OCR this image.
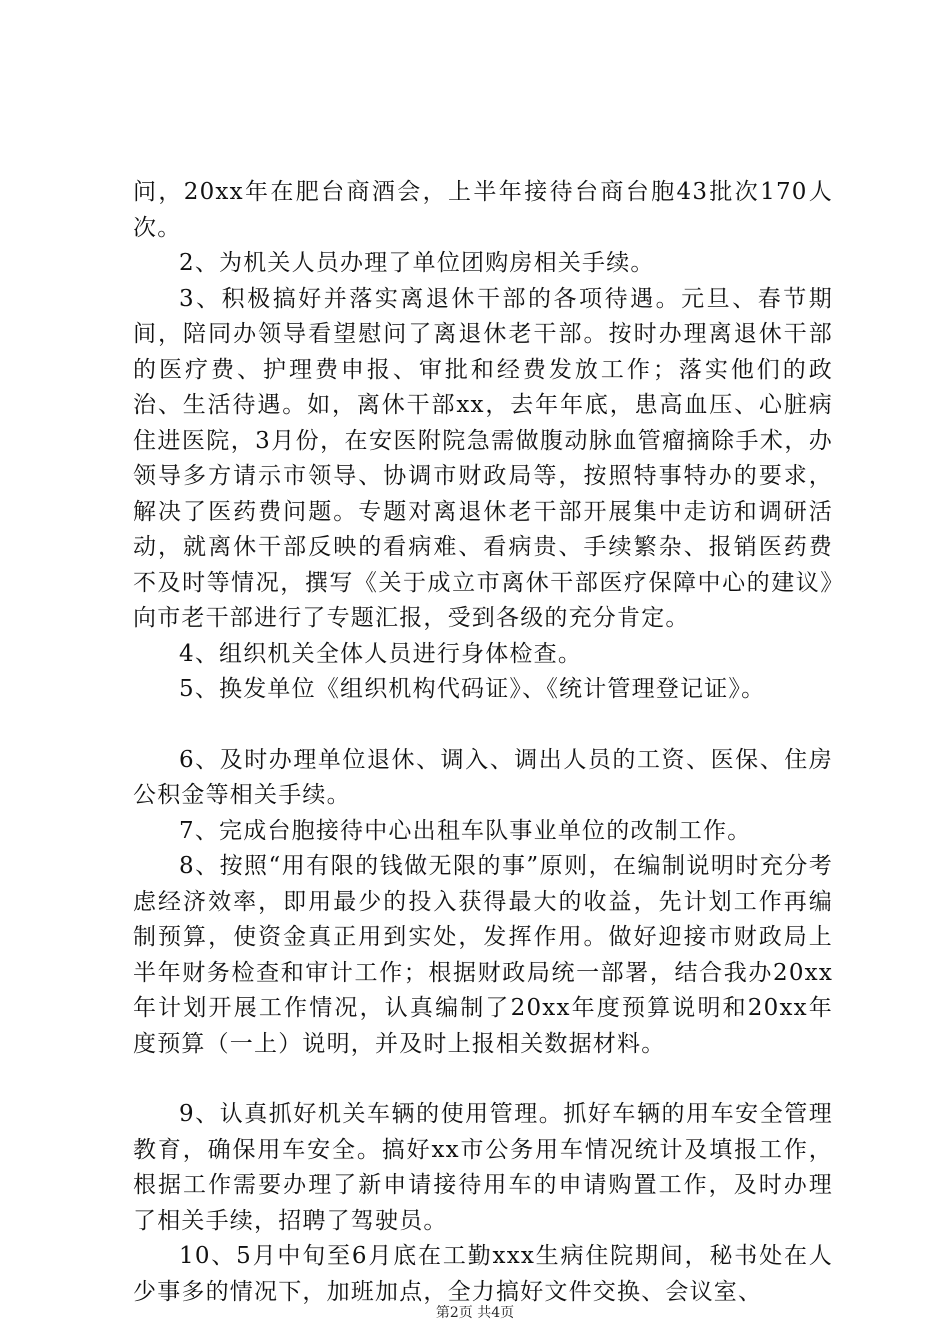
问，20xx年在肥台商酒会，上半年接待台商台胞43批次170人次。

2、为机关人员办理了单位团购房相关手续。

3、积极搞好并落实离退休干部的各项待遇。元旦、春节期间，陪同办领导看望慰问了离退休老干部。按时办理离退休干部的医疗费、护理费申报、审批和经费发放工作；落实他们的政治、生活待遇。如，离休干部xx，去年年底，患高血压、心脏病住进医院，3月份，在安医附院急需做腹动脉血管瘤摘除手术，办领导多方请示市领导、协调市财政局等，按照特事特办的要求，解决了医药费问题。专题对离退休老干部开展集中走访和调研活动，就离休干部反映的看病难、看病贵、手续繁杂、报销医药费不及时等情况，撰写《关于成立市离休干部医疗保障中心的建议》向市老干部进行了专题汇报，受到各级的充分肯定。

4、组织机关全体人员进行身体检查。

5、换发单位《组织机构代码证》、《统计管理登记证》。

6、及时办理单位退休、调入、调出人员的工资、医保、住房公积金等相关手续。

7、完成台胞接待中心出租车队事业单位的改制工作。

8、按照“用有限的钱做无限的事”原则，在编制说明时充分考虑经济效率，即用最少的投入获得最大的收益，先计划工作再编制预算，使资金真正用到实处，发挥作用。做好迎接市财政局上半年财务检查和审计工作；根据财政局统一部署，结合我办20xx年计划开展工作情况，认真编制了20xx年度预算说明和20xx年度预算（一上）说明，并及时上报相关数据材料。

9、认真抓好机关车辆的使用管理。抓好车辆的用车安全管理教育，确保用车安全。搞好xx市公务用车情况统计及填报工作，根据工作需要办理了新申请接待用车的申请购置工作，及时办理了相关手续，招聘了驾驶员。

10、5月中旬至6月底在工勤xxx生病住院期间，秘书处在人少事多的情况下，加班加点，全力搞好文件交换、会议室、

第2页 共4页
